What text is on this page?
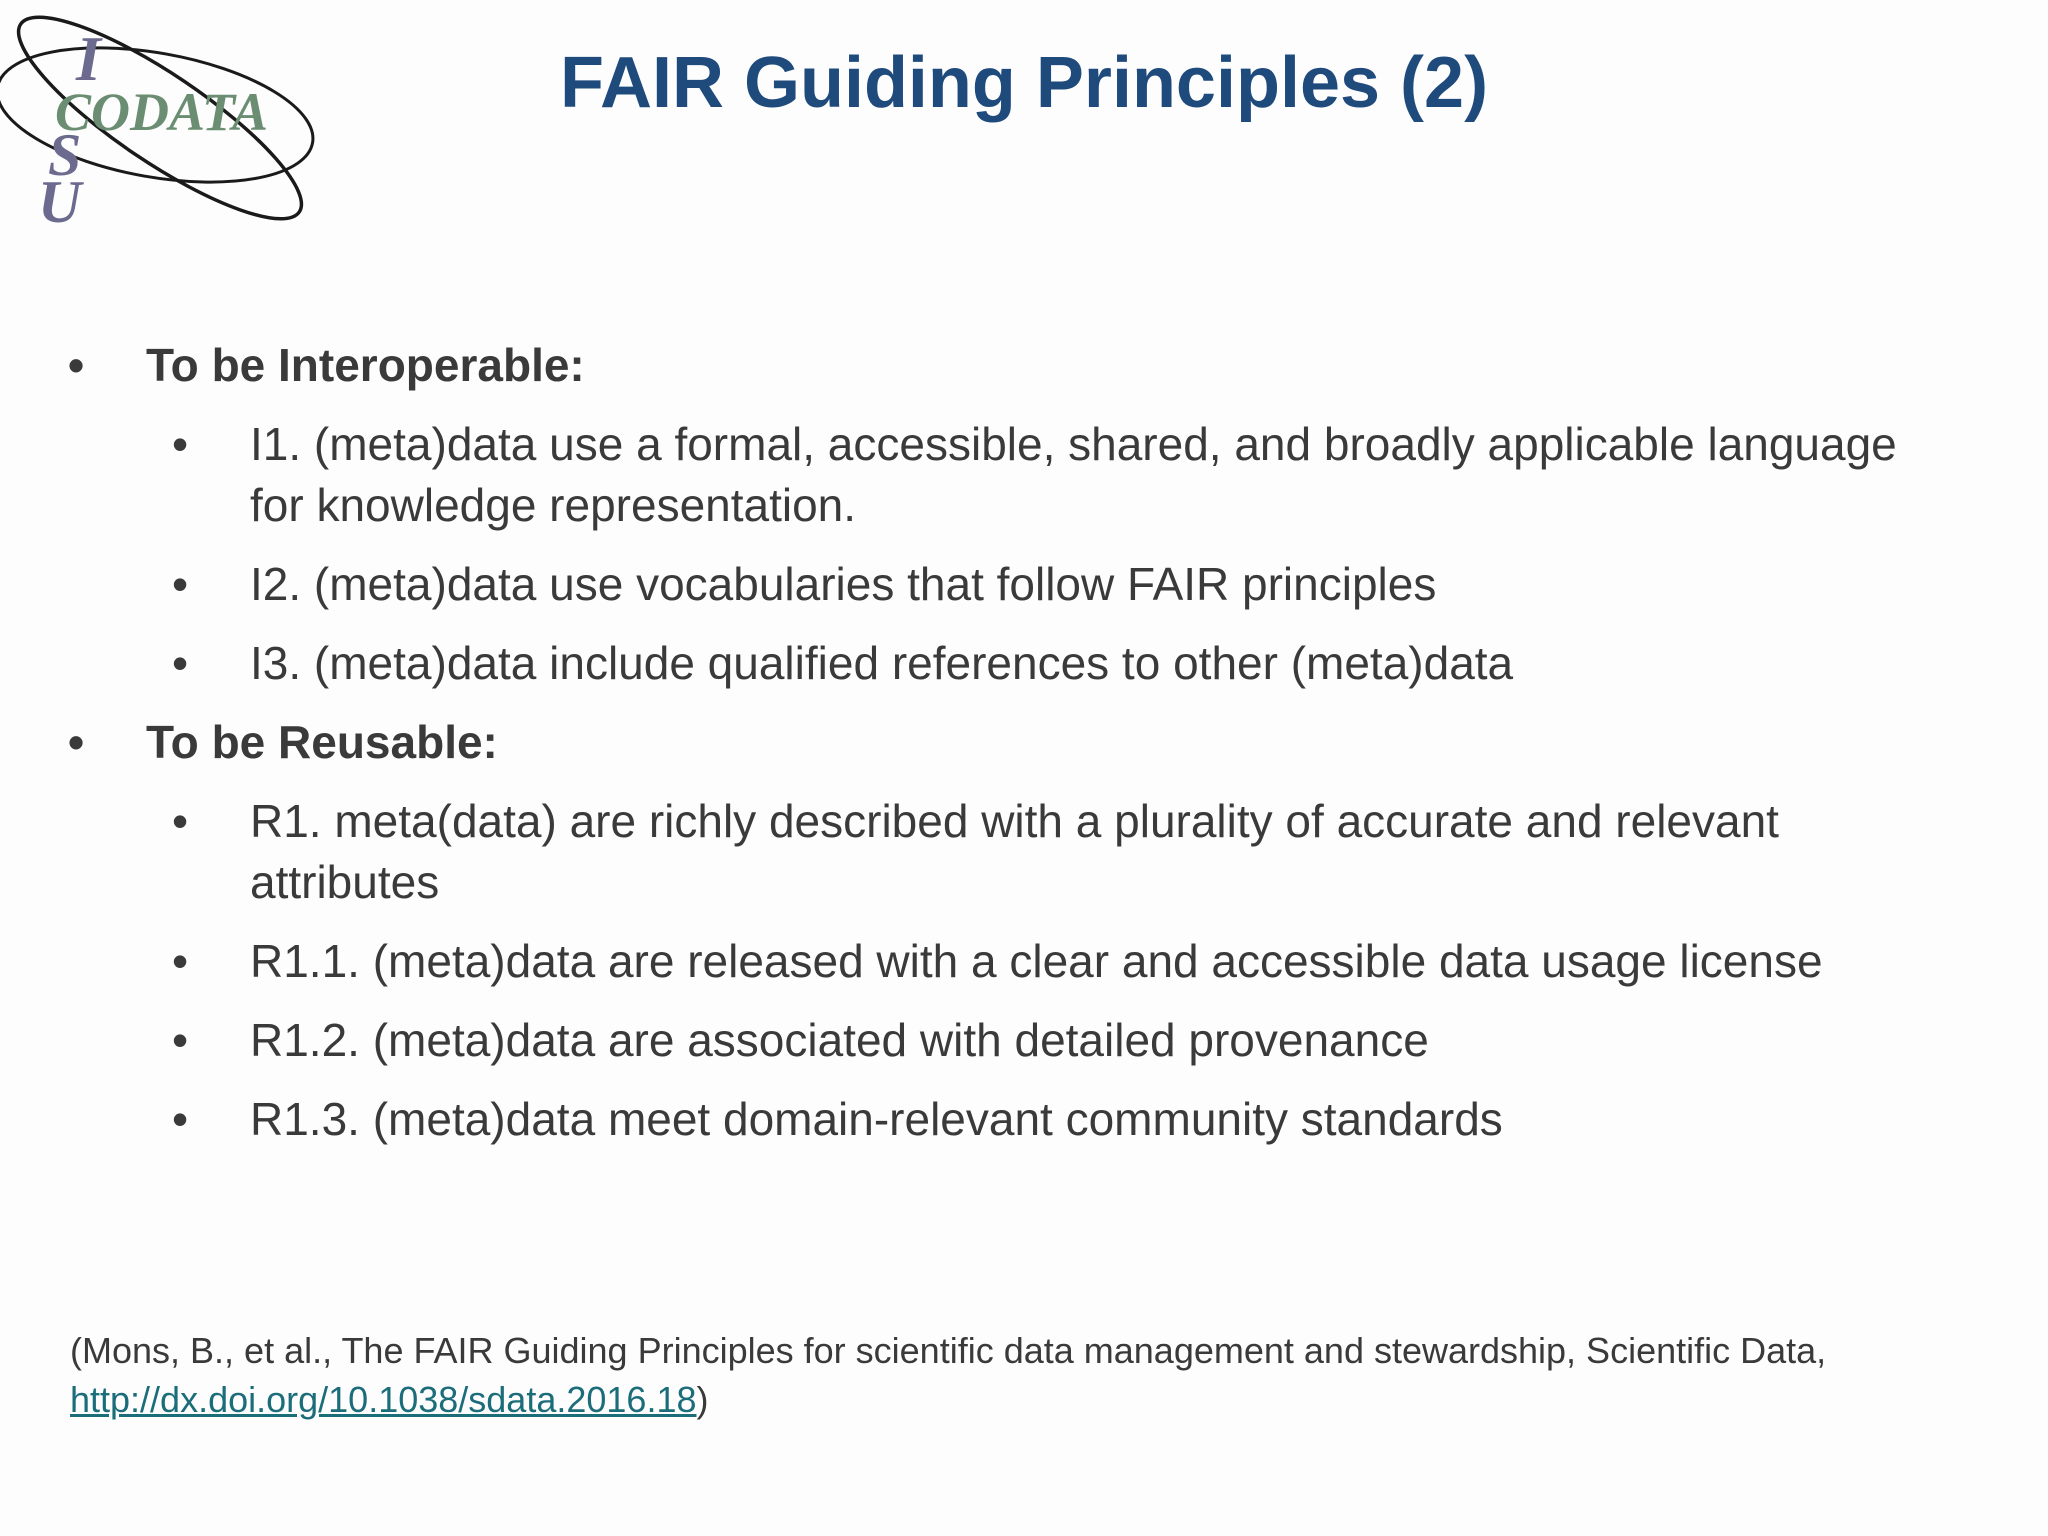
I
CODATA
S
U
FAIR Guiding Principles (2)
• To be Interoperable:
• I1. (meta)data use a formal, accessible, shared, and broadly applicable language for knowledge representation.
• I2. (meta)data use vocabularies that follow FAIR principles
• I3. (meta)data include qualified references to other (meta)data
• To be Reusable:
• R1. meta(data) are richly described with a plurality of accurate and relevant attributes
• R1.1. (meta)data are released with a clear and accessible data usage license
• R1.2. (meta)data are associated with detailed provenance
• R1.3. (meta)data meet domain-relevant community standards
(Mons, B., et al., The FAIR Guiding Principles for scientific data management and stewardship, Scientific Data, http://dx.doi.org/10.1038/sdata.2016.18)
